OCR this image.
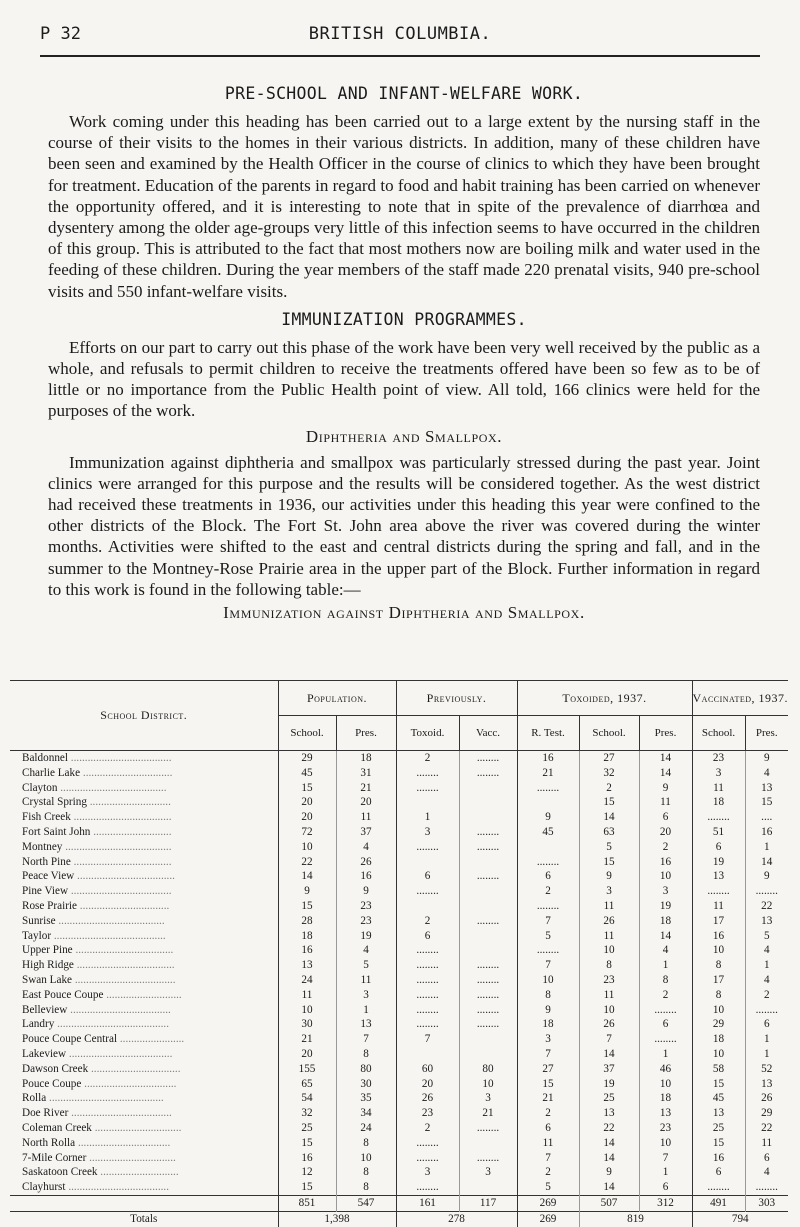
P 32	BRITISH COLUMBIA.
PRE-SCHOOL AND INFANT-WELFARE WORK.

Work coming under this heading has been carried out to a large extent by the nursing staff in the course of their visits to the homes in their various districts. In addition, many of these children have been seen and examined by the Health Officer in the course of clinics to which they have been brought for treatment. Education of the parents in regard to food and habit training has been carried on whenever the opportunity offered, and it is interesting to note that in spite of the prevalence of diarrhœa and dysentery among the older age-groups very little of this infection seems to have occurred in the children of this group. This is attributed to the fact that most mothers now are boiling milk and water used in the feeding of these children. During the year members of the staff made 220 prenatal visits, 940 pre-school visits and 550 infant-welfare visits.

IMMUNIZATION PROGRAMMES.

Efforts on our part to carry out this phase of the work have been very well received by the public as a whole, and refusals to permit children to receive the treatments offered have been so few as to be of little or no importance from the Public Health point of view. All told, 166 clinics were held for the purposes of the work.

Diphtheria and Smallpox.

Immunization against diphtheria and smallpox was particularly stressed during the past year. Joint clinics were arranged for this purpose and the results will be considered together. As the west district had received these treatments in 1936, our activities under this heading this year were confined to the other districts of the Block. The Fort St. John area above the river was covered during the winter months. Activities were shifted to the east and central districts during the spring and fall, and in the summer to the Montney-Rose Prairie area in the upper part of the Block. Further information in regard to this work is found in the following table:—

Immunization against Diphtheria and Smallpox.
School District.	Population.		Previously.		Toxoided, 1937.			Vaccinated, 1937.	
	School.	Pres.	Toxoid.	Vacc.	R. Test.	School.	Pres.	School.	Pres.
Baldonnel ....................................	29	18	2	........	16	27	14	23	9
Charlie Lake ................................	45	31	........	........	21	32	14	3	4
Clayton ......................................	15	21	........		........	2	9	11	13
Crystal Spring .............................	20	20				15	11	18	15
Fish Creek ...................................	20	11	1		9	14	6	........	....
Fort Saint John ............................	72	37	3	........	45	63	20	51	16
Montney ......................................	10	4	........	........		5	2	6	1
North Pine ...................................	22	26			........	15	16	19	14
Peace View ...................................	14	16	6	........	6	9	10	13	9
Pine View ....................................	9	9	........		2	3	3	........	........
Rose Prairie ................................	15	23			........	11	19	11	22
Sunrise ......................................	28	23	2	........	7	26	18	17	13
Taylor ........................................	18	19	6		5	11	14	16	5
Upper Pine ...................................	16	4	........		........	10	4	10	4
High Ridge ...................................	13	5	........	........	7	8	1	8	1
Swan Lake ....................................	24	11	........	........	10	23	8	17	4
East Pouce Coupe ...........................	11	3	........	........	8	11	2	8	2
Belleview ....................................	10	1	........	........	9	10	........	10	........
Landry ........................................	30	13	........	........	18	26	6	29	6
Pouce Coupe Central .......................	21	7	7		3	7	........	18	1
Lakeview .....................................	20	8			7	14	1	10	1
Dawson Creek ................................	155	80	60	80	27	37	46	58	52
Pouce Coupe .................................	65	30	20	10	15	19	10	15	13
Rolla .........................................	54	35	26	3	21	25	18	45	26
Doe River ....................................	32	34	23	21	2	13	13	13	29
Coleman Creek ...............................	25	24	2	........	6	22	23	25	22
North Rolla .................................	15	8	........		11	14	10	15	11
7-Mile Corner ...............................	16	10	........	........	7	14	7	16	6
Saskatoon Creek ............................	12	8	3	3	2	9	1	6	4
Clayhurst ....................................	15	8	........		5	14	6	........	........
	851	547	161	117	269	507	312	491	303
Totals	1,398		278		269	819		794	
